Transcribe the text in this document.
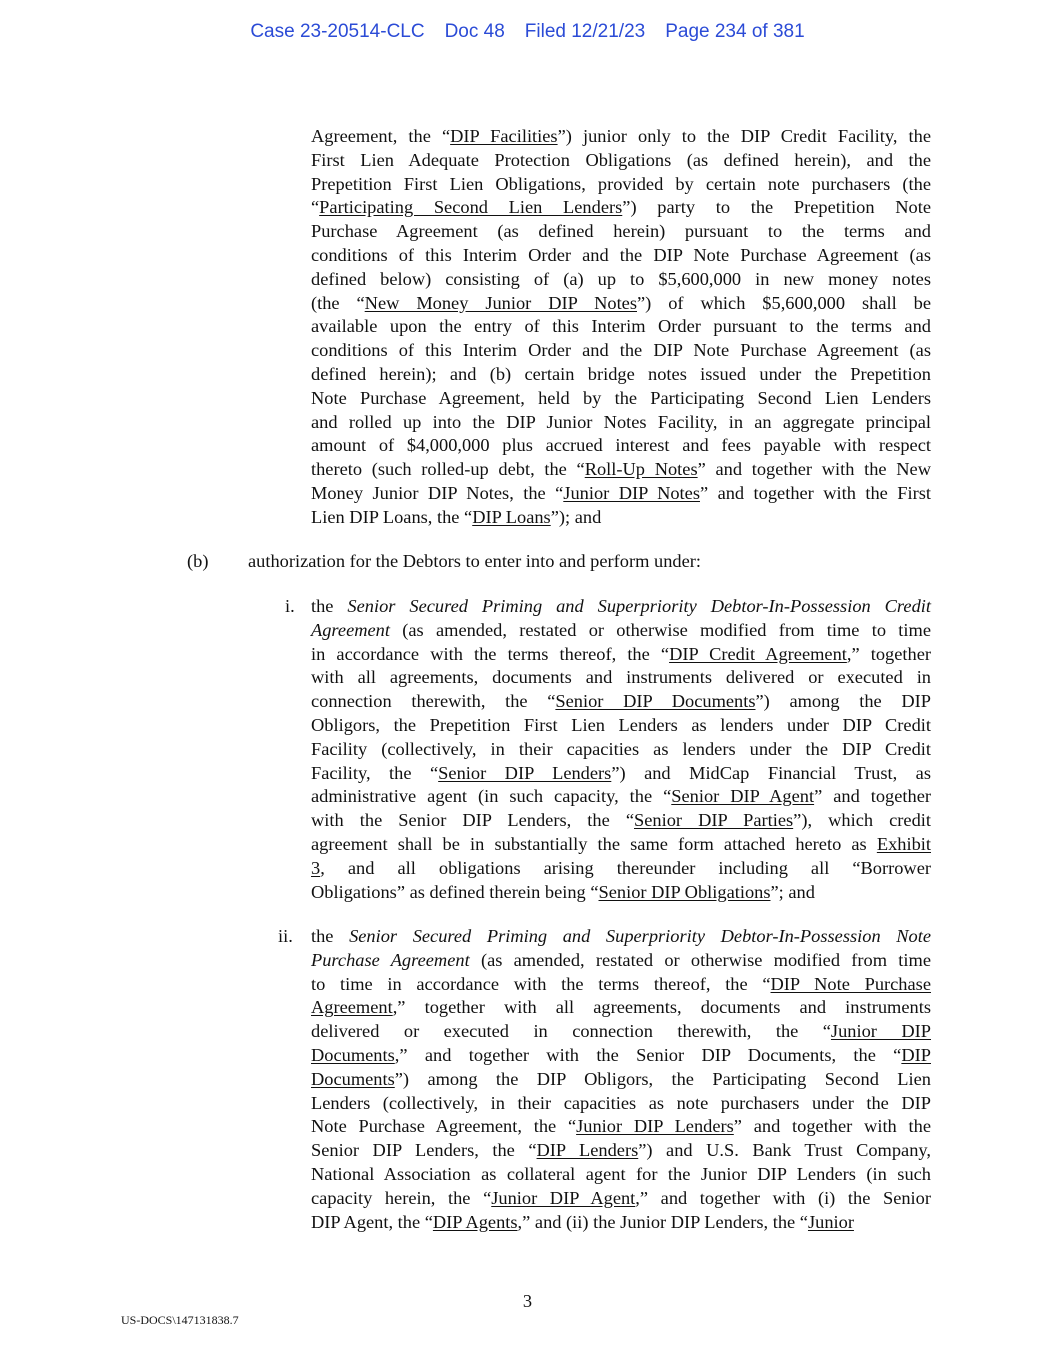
Case 23-20514-CLC Doc 48 Filed 12/21/23 Page 234 of 381
Agreement, the “DIP Facilities”) junior only to the DIP Credit Facility, the
First Lien Adequate Protection Obligations (as defined herein), and the
Prepetition First Lien Obligations, provided by certain note purchasers (the
“Participating Second Lien Lenders”) party to the Prepetition Note
Purchase Agreement (as defined herein) pursuant to the terms and
conditions of this Interim Order and the DIP Note Purchase Agreement (as
defined below) consisting of (a) up to $5,600,000 in new money notes
(the “New Money Junior DIP Notes”) of which $5,600,000 shall be
available upon the entry of this Interim Order pursuant to the terms and
conditions of this Interim Order and the DIP Note Purchase Agreement (as
defined herein); and (b) certain bridge notes issued under the Prepetition
Note Purchase Agreement, held by the Participating Second Lien Lenders
and rolled up into the DIP Junior Notes Facility, in an aggregate principal
amount of $4,000,000 plus accrued interest and fees payable with respect
thereto (such rolled-up debt, the “Roll-Up Notes” and together with the New
Money Junior DIP Notes, the “Junior DIP Notes” and together with the First
Lien DIP Loans, the “DIP Loans”); and
(b) authorization for the Debtors to enter into and perform under:
i. the Senior Secured Priming and Superpriority Debtor-In-Possession Credit
Agreement (as amended, restated or otherwise modified from time to time
in accordance with the terms thereof, the “DIP Credit Agreement,” together
with all agreements, documents and instruments delivered or executed in
connection therewith, the “Senior DIP Documents”) among the DIP
Obligors, the Prepetition First Lien Lenders as lenders under DIP Credit
Facility (collectively, in their capacities as lenders under the DIP Credit
Facility, the “Senior DIP Lenders”) and MidCap Financial Trust, as
administrative agent (in such capacity, the “Senior DIP Agent” and together
with the Senior DIP Lenders, the “Senior DIP Parties”), which credit
agreement shall be in substantially the same form attached hereto as Exhibit
3, and all obligations arising thereunder including all “Borrower
Obligations” as defined therein being “Senior DIP Obligations”; and
ii. the Senior Secured Priming and Superpriority Debtor-In-Possession Note
Purchase Agreement (as amended, restated or otherwise modified from time
to time in accordance with the terms thereof, the “DIP Note Purchase
Agreement,” together with all agreements, documents and instruments
delivered or executed in connection therewith, the “Junior DIP
Documents,” and together with the Senior DIP Documents, the “DIP
Documents”) among the DIP Obligors, the Participating Second Lien
Lenders (collectively, in their capacities as note purchasers under the DIP
Note Purchase Agreement, the “Junior DIP Lenders” and together with the
Senior DIP Lenders, the “DIP Lenders”) and U.S. Bank Trust Company,
National Association as collateral agent for the Junior DIP Lenders (in such
capacity herein, the “Junior DIP Agent,” and together with (i) the Senior
DIP Agent, the “DIP Agents,” and (ii) the Junior DIP Lenders, the “Junior
3
US-DOCS\147131838.7
